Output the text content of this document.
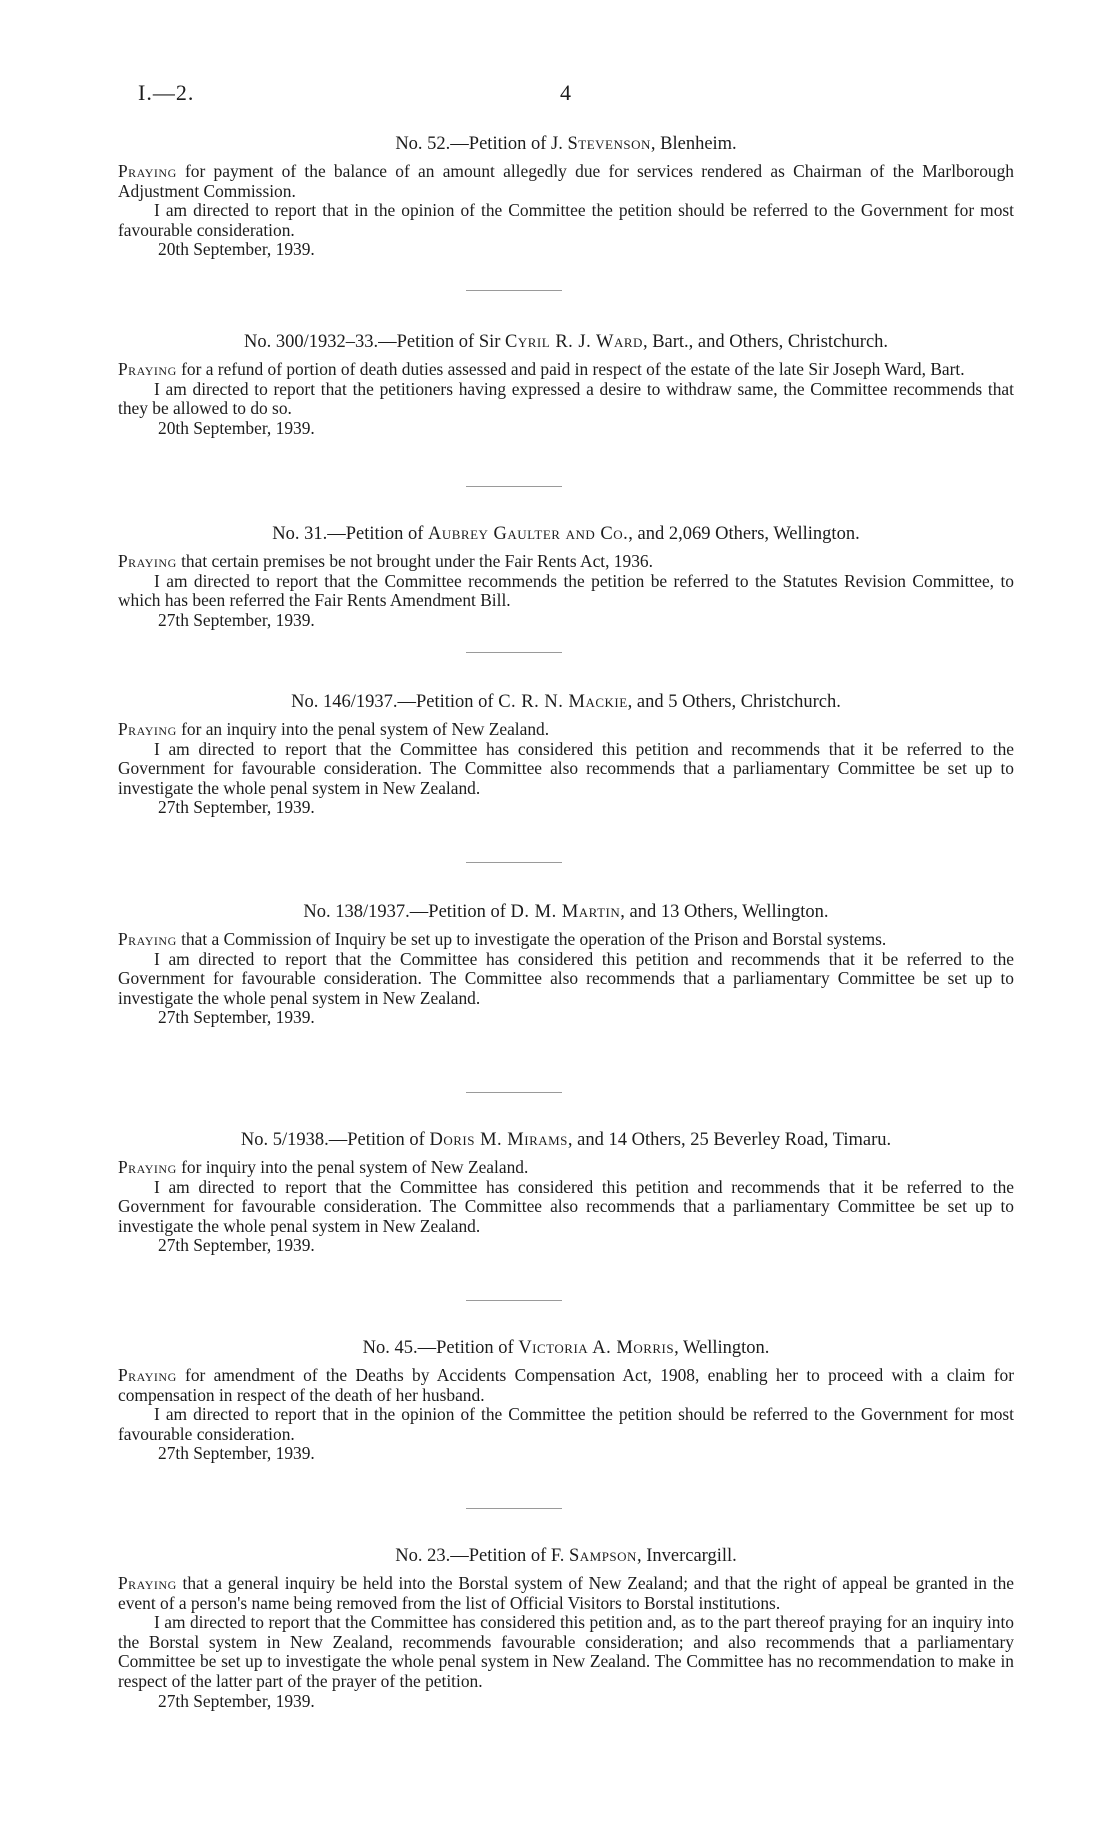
I.—2.	4
No. 52.—Petition of J. Stevenson, Blenheim.

Praying for payment of the balance of an amount allegedly due for services rendered as Chairman of the Marlborough Adjustment Commission.

I am directed to report that in the opinion of the Committee the petition should be referred to the Government for most favourable consideration.

20th September, 1939.

No. 300/1932–33.—Petition of Sir Cyril R. J. Ward, Bart., and Others, Christchurch.

Praying for a refund of portion of death duties assessed and paid in respect of the estate of the late Sir Joseph Ward, Bart.

I am directed to report that the petitioners having expressed a desire to withdraw same, the Committee recommends that they be allowed to do so.

20th September, 1939.

No. 31.—Petition of Aubrey Gaulter and Co., and 2,069 Others, Wellington.

Praying that certain premises be not brought under the Fair Rents Act, 1936.

I am directed to report that the Committee recommends the petition be referred to the Statutes Revision Committee, to which has been referred the Fair Rents Amendment Bill.

27th September, 1939.

No. 146/1937.—Petition of C. R. N. Mackie, and 5 Others, Christchurch.

Praying for an inquiry into the penal system of New Zealand.

I am directed to report that the Committee has considered this petition and recommends that it be referred to the Government for favourable consideration. The Committee also recommends that a parliamentary Committee be set up to investigate the whole penal system in New Zealand.

27th September, 1939.

No. 138/1937.—Petition of D. M. Martin, and 13 Others, Wellington.

Praying that a Commission of Inquiry be set up to investigate the operation of the Prison and Borstal systems.

I am directed to report that the Committee has considered this petition and recommends that it be referred to the Government for favourable consideration. The Committee also recommends that a parliamentary Committee be set up to investigate the whole penal system in New Zealand.

27th September, 1939.

No. 5/1938.—Petition of Doris M. Mirams, and 14 Others, 25 Beverley Road, Timaru.

Praying for inquiry into the penal system of New Zealand.

I am directed to report that the Committee has considered this petition and recommends that it be referred to the Government for favourable consideration. The Committee also recommends that a parliamentary Committee be set up to investigate the whole penal system in New Zealand.

27th September, 1939.

No. 45.—Petition of Victoria A. Morris, Wellington.

Praying for amendment of the Deaths by Accidents Compensation Act, 1908, enabling her to proceed with a claim for compensation in respect of the death of her husband.

I am directed to report that in the opinion of the Committee the petition should be referred to the Government for most favourable consideration.

27th September, 1939.

No. 23.—Petition of F. Sampson, Invercargill.

Praying that a general inquiry be held into the Borstal system of New Zealand; and that the right of appeal be granted in the event of a person's name being removed from the list of Official Visitors to Borstal institutions.

I am directed to report that the Committee has considered this petition and, as to the part thereof praying for an inquiry into the Borstal system in New Zealand, recommends favourable consideration; and also recommends that a parliamentary Committee be set up to investigate the whole penal system in New Zealand. The Committee has no recommendation to make in respect of the latter part of the prayer of the petition.

27th September, 1939.
